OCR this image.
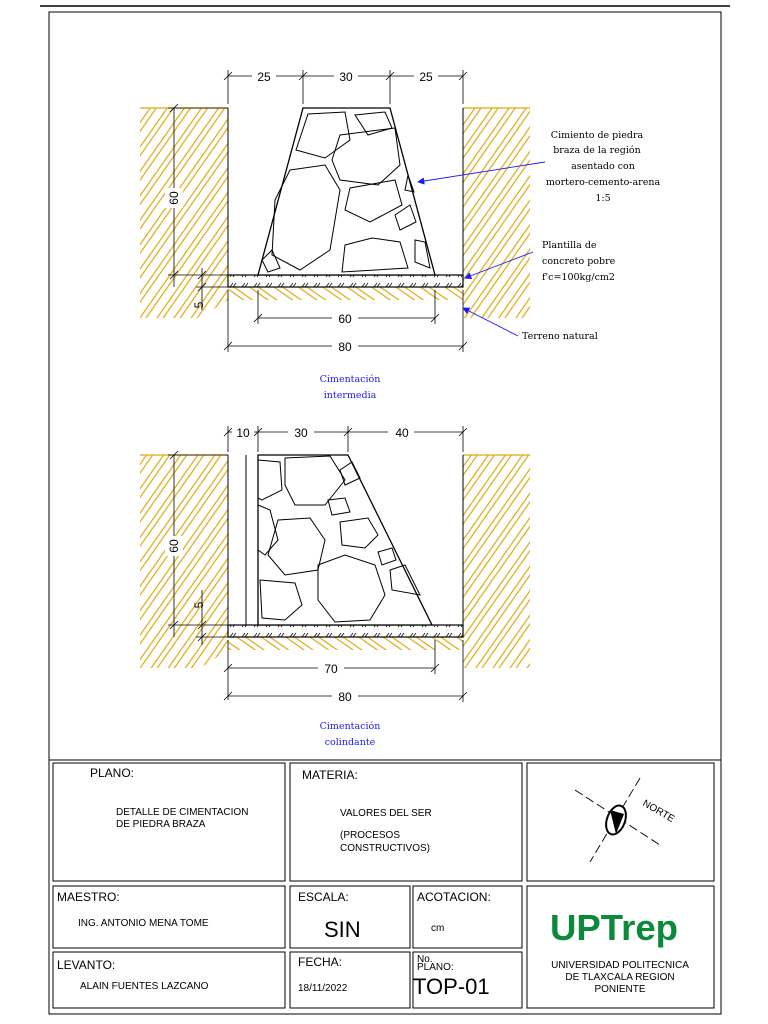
25	30	25
60
5
60
80
Cimiento de piedra
braza de la región
asentado con
mortero-cemento-arena
1:5
Plantilla de
concreto pobre
f'c=100kg/cm2
Terreno natural
Cimentación
intermedia
10	30	40
60
5
70
80
Cimentación
colindante
PLANO:
DETALLE DE CIMENTACION
DE PIEDRA BRAZA
MATERIA:
VALORES DEL SER
(PROCESOS
CONSTRUCTIVOS)
NORTE
MAESTRO:
ING. ANTONIO MENA TOME
ESCALA:
SIN
ACOTACION:
cm	UPTrep
LEVANTO:
ALAIN FUENTES LAZCANO
FECHA:
18/11/2022
No.
PLANO:
TOP-01
UNIVERSIDAD POLITECNICA
DE TLAXCALA REGION
PONIENTE
